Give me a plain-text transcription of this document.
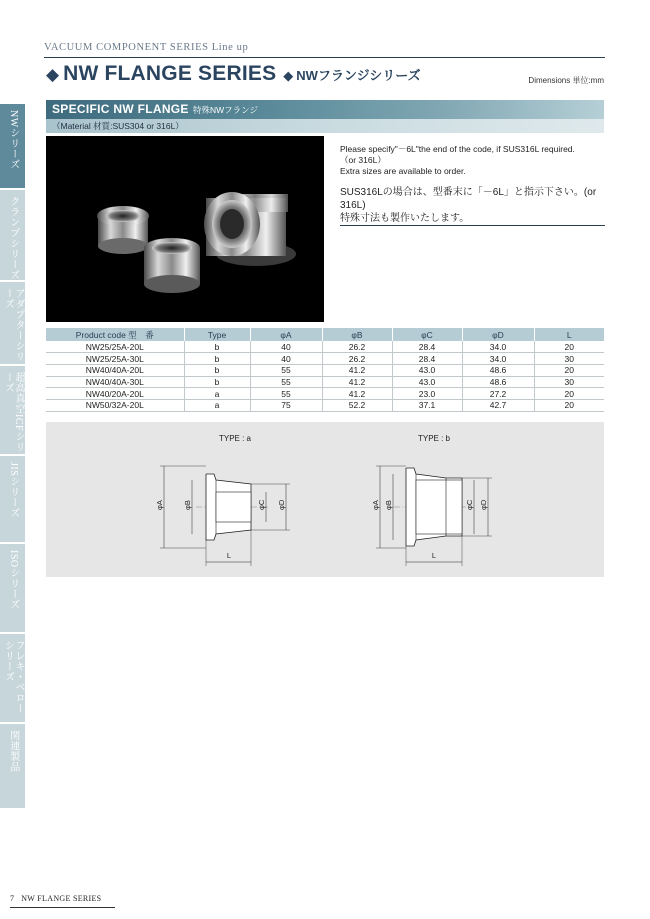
VACUUM COMPONENT SERIES Line up
◆ NW FLANGE SERIES ◆ NWフランジシリーズ	Dimensions 単位:mm
NWシリーズ
クランプシリーズ
アダプターシリーズ
超高真空ICFシリーズ
JISシリーズ
ISOシリーズ
フレキ・ベローシリーズ
関連製品
SPECIFIC NW FLANGE 特殊NWフランジ
（Material 材質:SUS304 or 316L）
Please specify"－6L"the end of the code, if SUS316L required.
（or 316L）
Extra sizes are available to order.
SUS316Lの場合は、型番末に「－6L」と指示下さい。(or 316L)
特殊寸法も製作いたします。
Product code 型　番	Type	φA	φB	φC	φD	L
NW25/25A-20L	b	40	26.2	28.4	34.0	20
NW25/25A-30L	b	40	26.2	28.4	34.0	30
NW40/40A-20L	b	55	41.2	43.0	48.6	20
NW40/40A-30L	b	55	41.2	43.0	48.6	30
NW40/20A-20L	a	55	41.2	23.0	27.2	20
NW50/32A-20L	a	75	52.2	37.1	42.7	20
TYPE : a
φA	φB	φC φD
L
TYPE : b
φA φB	φC φD
L
7 NW FLANGE SERIES
